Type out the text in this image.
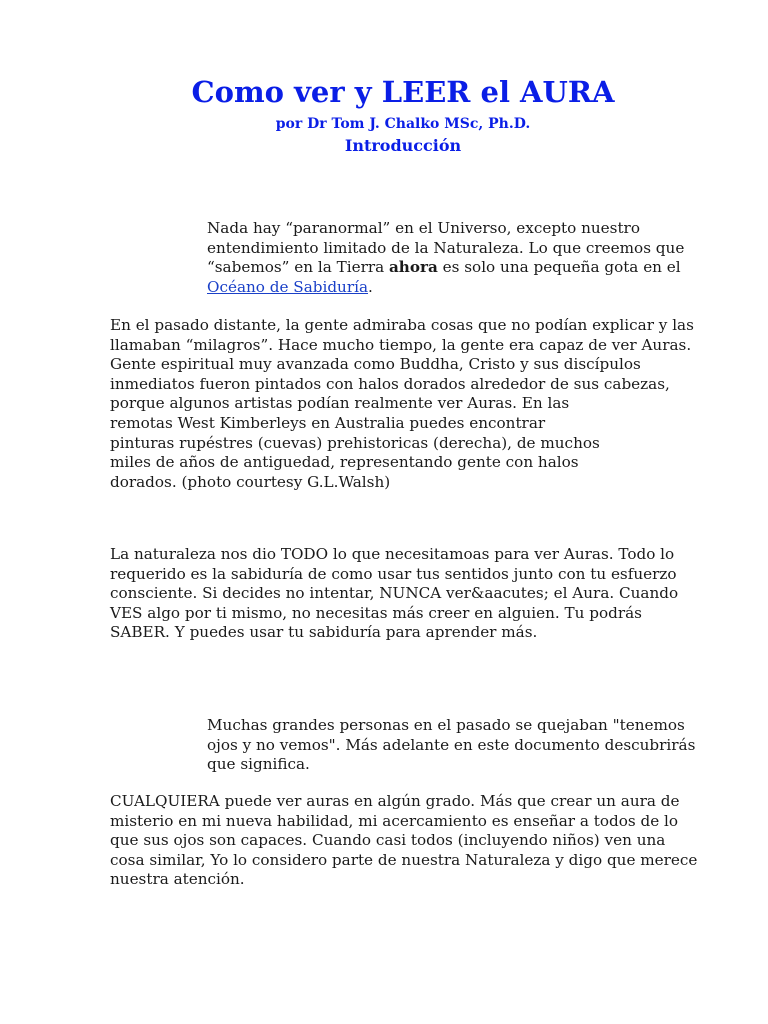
Como ver y LEER el AURA
por Dr Tom J. Chalko MSc, Ph.D.
Introducción

Nada hay “paranormal” en el Universo, excepto nuestro
entendimiento limitado de la Naturaleza. Lo que creemos que
“sabemos” en la Tierra ahora es solo una pequeña gota en el
Océano de Sabiduría.

En el pasado distante, la gente admiraba cosas que no podían explicar y las
llamaban “milagros”. Hace mucho tiempo, la gente era capaz de ver Auras.
Gente espiritual muy avanzada como Buddha, Cristo y sus discípulos
inmediatos fueron pintados con halos dorados alrededor de sus cabezas,
porque algunos artistas podían realmente ver Auras. En las
remotas West Kimberleys en Australia puedes encontrar
pinturas rupéstres (cuevas) prehistoricas (derecha), de muchos
miles de años de antiguedad, representando gente con halos
dorados. (photo courtesy G.L.Walsh)

La naturaleza nos dio TODO lo que necesitamoas para ver Auras. Todo lo
requerido es la sabiduría de como usar tus sentidos junto con tu esfuerzo
consciente. Si decides no intentar, NUNCA ver&aacutes; el Aura. Cuando
VES algo por ti mismo, no necesitas más creer en alguien. Tu podrás
SABER. Y puedes usar tu sabiduría para aprender más.

Muchas grandes personas en el pasado se quejaban "tenemos
ojos y no vemos". Más adelante en este documento descubrirás
que significa.

CUALQUIERA puede ver auras en algún grado. Más que crear un aura de
misterio en mi nueva habilidad, mi acercamiento es enseñar a todos de lo
que sus ojos son capaces. Cuando casi todos (incluyendo niños) ven una
cosa similar, Yo lo considero parte de nuestra Naturaleza y digo que merece
nuestra atención.
